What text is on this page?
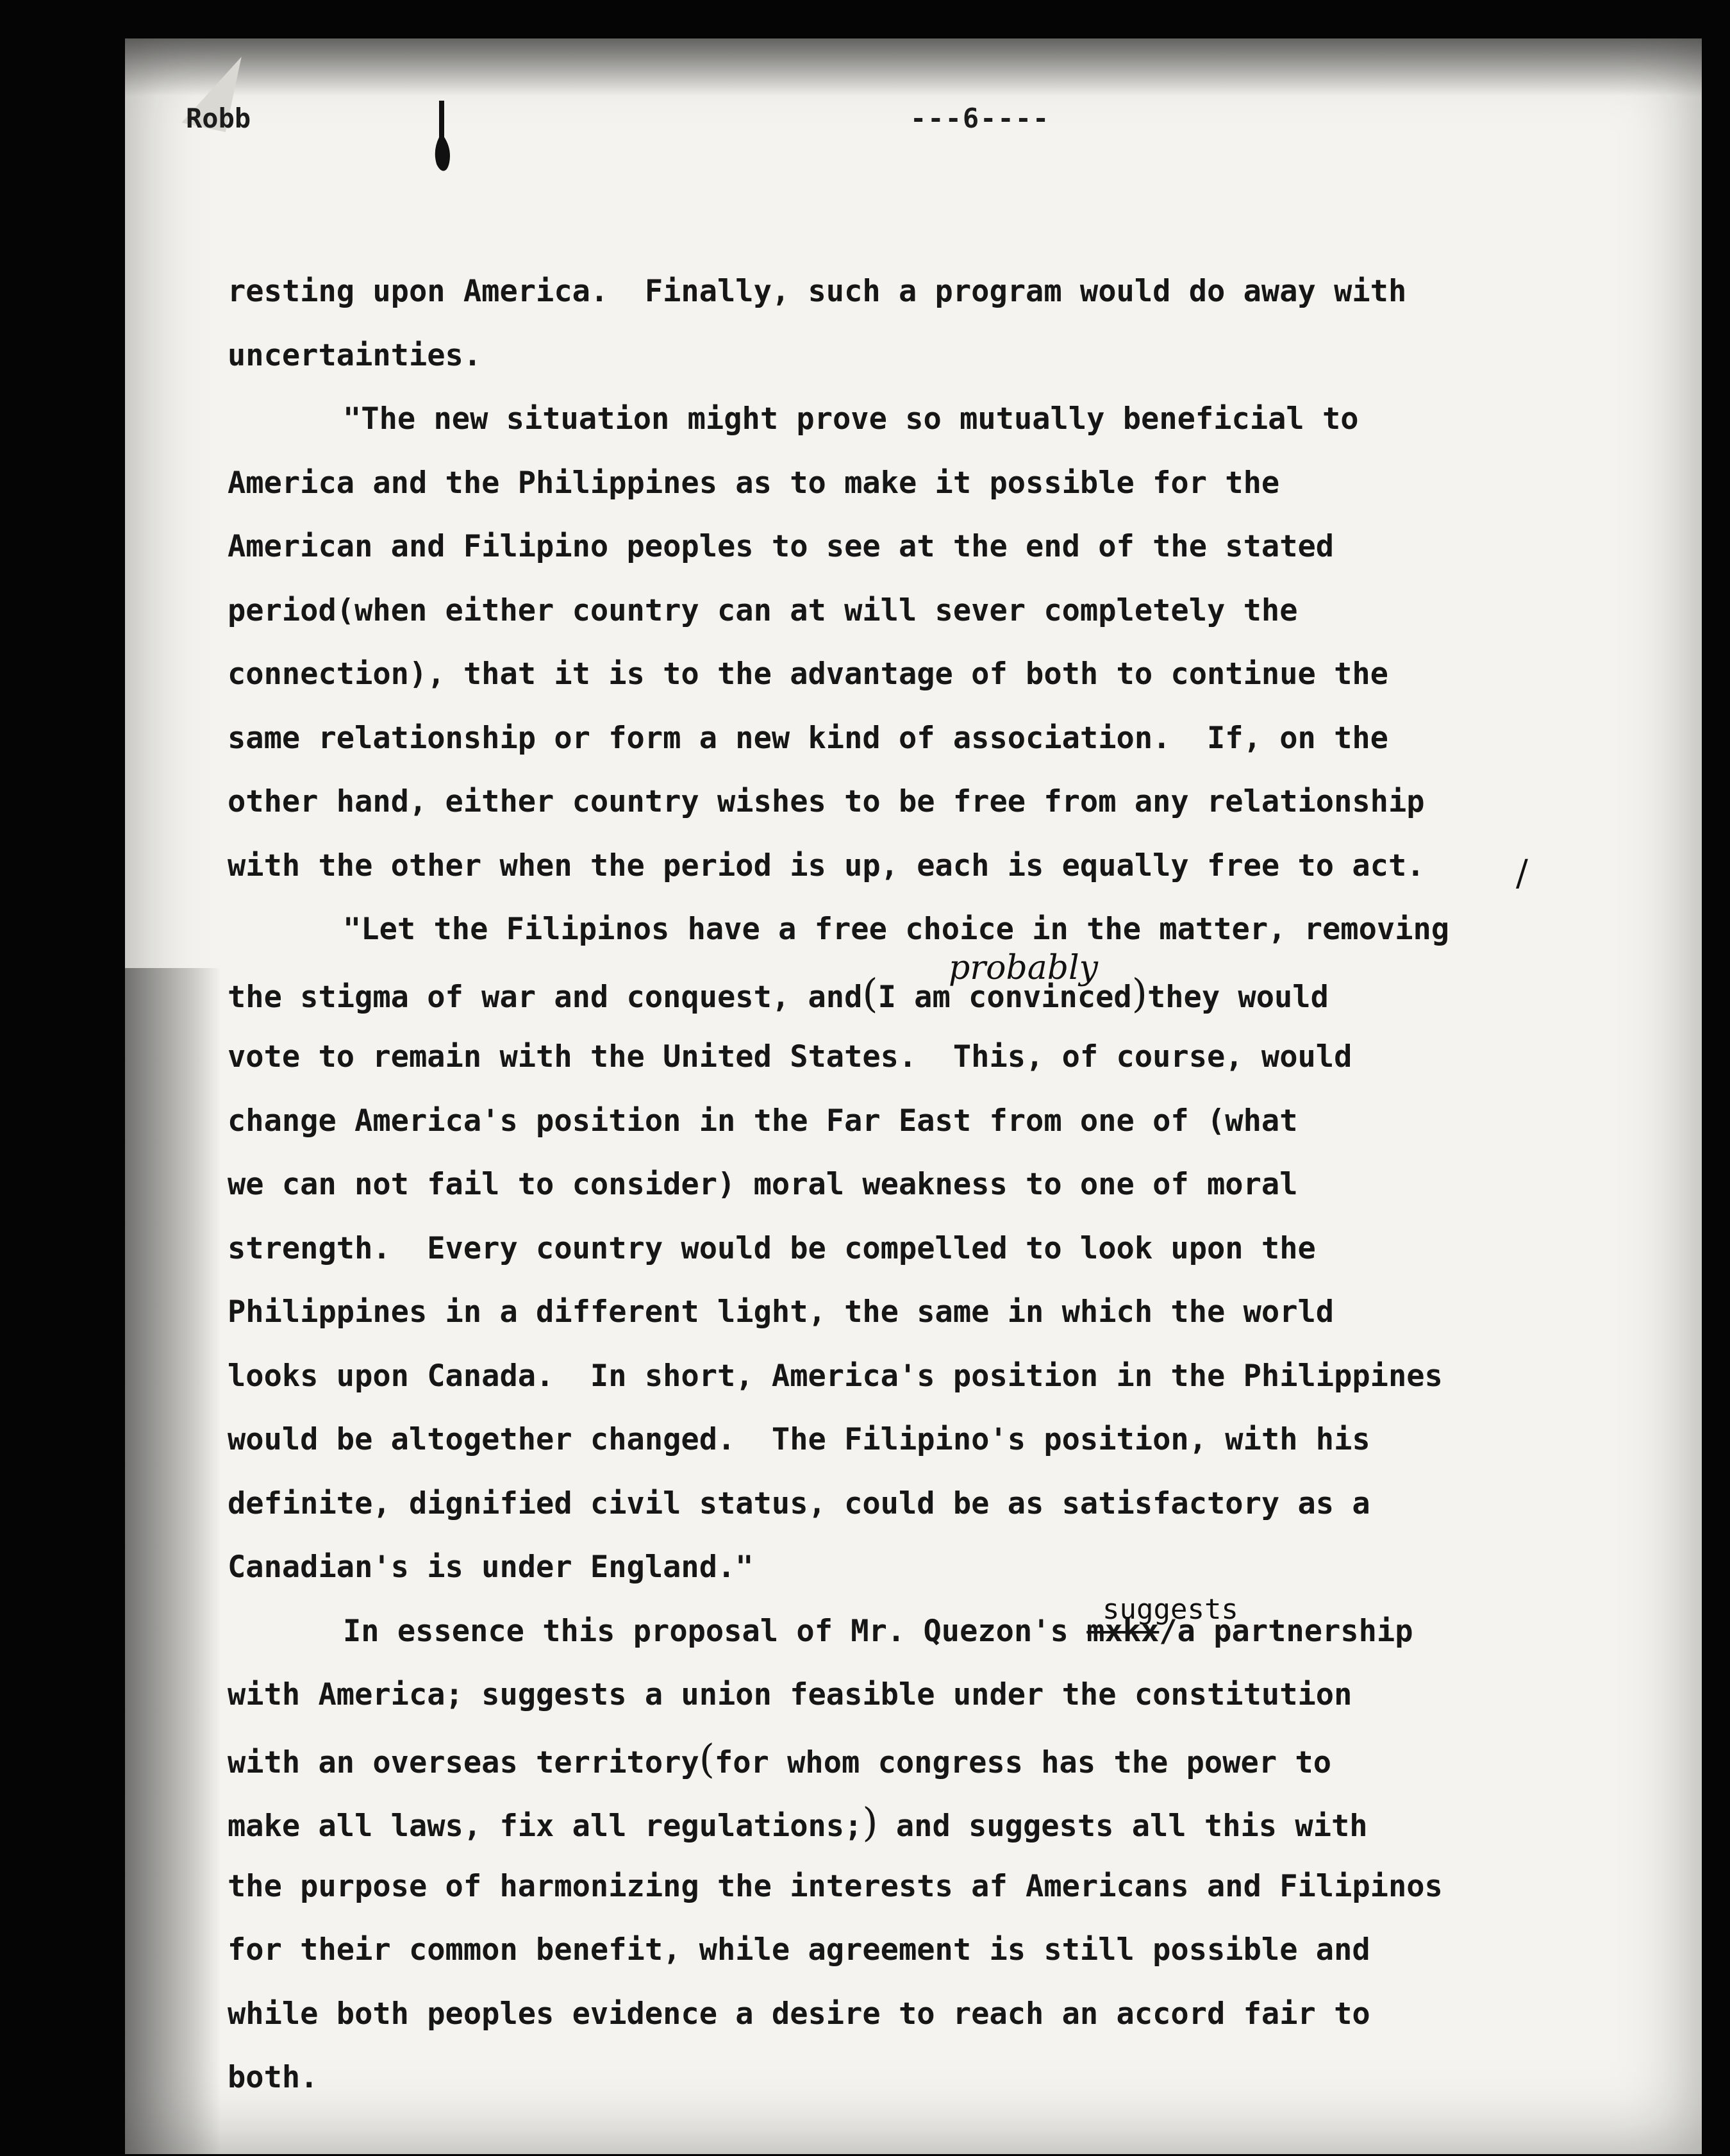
Robb	---6----
resting upon America.  Finally, such a program would do away with
uncertainties.
"The new situation might prove so mutually beneficial to
America and the Philippines as to make it possible for the
American and Filipino peoples to see at the end of the stated
period(when either country can at will sever completely the
connection), that it is to the advantage of both to continue the
same relationship or form a new kind of association.  If, on the
other hand, either country wishes to be free from any relationship
with the other when the period is up, each is equally free to act.
"Let the Filipinos have a free choice in the matter, removing
the stigma of war and conquest, and(I am convinced)they would
vote to remain with the United States.  This, of course, would
change America's position in the Far East from one of (what
we can not fail to consider) moral weakness to one of moral
strength.  Every country would be compelled to look upon the
Philippines in a different light, the same in which the world
looks upon Canada.  In short, America's position in the Philippines
would be altogether changed.  The Filipino's position, with his
definite, dignified civil status, could be as satisfactory as a
Canadian's is under England."
In essence this proposal of Mr. Quezon's mxkx/a partnership
with America; suggests a union feasible under the constitution
with an overseas territory(for whom congress has the power to
make all laws, fix all regulations;) and suggests all this with
the purpose of harmonizing the interests af Americans and Filipinos
for their common benefit, while agreement is still possible and
while both peoples evidence a desire to reach an accord fair to
both.
probably
suggests
/
